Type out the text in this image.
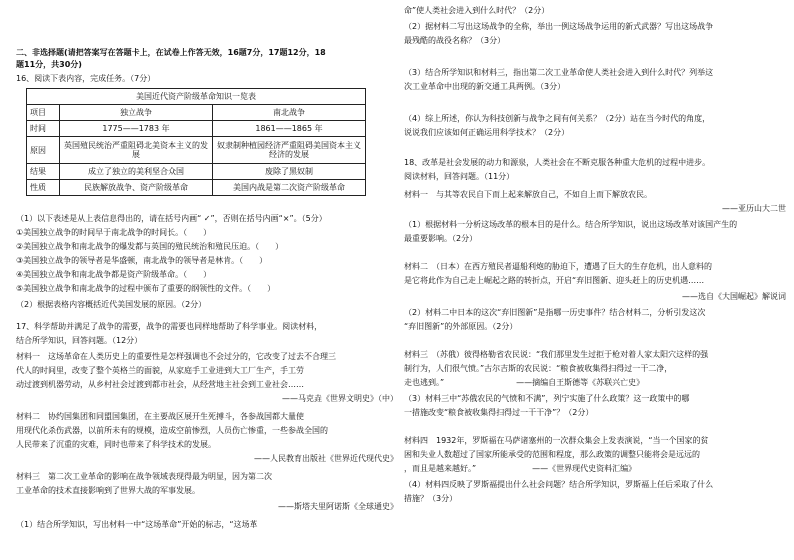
二、非选择题(请把答案写在答题卡上，在试卷上作答无效，16题7分，17题12分，18
题11分，共30分)
16、阅读下表内容，完成任务。（7分）
美国近代资产阶级革命知识一览表		
项目	独立战争	南北战争
时间	1775——1783 年	1861——1865 年
原因	英国殖民统治严重阻碍北美资本主义的发展	奴隶制种植园经济严重阻碍美国资本主义经济的发展
结果	成立了独立的美利坚合众国	废除了黑奴制
性质	民族解放战争、资产阶级革命	美国内战是第二次资产阶级革命
（1）以下表述是从上表信息得出的，请在括号内画“ ✓”，否则在括号内画“×”。（5分）
①美国独立战争的时间早于南北战争的时间长。（　　）
②美国独立战争和南北战争的爆发都与英国的殖民统治和殖民压迫。（　　）
③美国独立战争的领导者是华盛顿，南北战争的领导者是林肯。（　　）
④美国独立战争和南北战争都是资产阶级革命。（　　）
⑤美国独立战争和南北战争的过程中颁布了重要的纲领性的文件。（　　）
（2）根据表格内容概括近代美国发展的原因。（2分）
17、科学帮助并满足了战争的需要，战争的需要也同样地帮助了科学事业。阅读材料，
结合所学知识，回答问题。（12分）
材料一　这场革命在人类历史上的重要性是怎样强调也不会过分的，它改变了过去不合理三
代人的时间里，改变了整个英格兰的面貌，从家庭手工业进到大工厂生产，手工劳
动过渡到机器劳动，从乡村社会过渡到都市社会，从经营地主社会到工业社会……
——马克垚《世界文明史》（中）
材料二　协约国集团和同盟国集团，在主要战区展开生死搏斗，各参战国都大量使
用现代化杀伤武器，以前所未有的规模，造成空前惨烈，人员伤亡惨重，一些参战全国的
人民带来了沉重的灾难，同时也带来了科学技术的发展。
——人民教育出版社《世界近代现代史》
材料三　第二次工业革命的影响在战争领域表现得最为明显，因为第二次
工业革命的技术直接影响到了世界大战的军事发展。
——斯塔夫里阿诺斯《全球通史》
（1）结合所学知识，写出材料一中“这场革命”开始的标志，“这场革
命”使人类社会进入到什么时代？（2分）
（2）据材料二写出这场战争的全称，举出一例这场战争运用的新式武器？写出这场战争
最残酷的战役名称？（3分）
（3）结合所学知识和材料三，指出第二次工业革命使人类社会进入到什么时代？列举这
次工业革命中出现的新交通工具两例。（3分）
（4）综上所述，你认为科技创新与战争之间有何关系？（2分）站在当今时代的角度，
说说我们应该如何正确运用科学技术？（2分）
18、改革是社会发展的动力和源泉，人类社会在不断克服各种重大危机的过程中进步。
阅读材料，回答问题。（11分）
材料一　与其等农民自下而上起来解放自己，不如自上而下解放农民。
——亚历山大二世
（1）根据材料一分析这场改革的根本目的是什么。结合所学知识，说出这场改革对该国产生的
最重要影响。（2分）
材料二　（日本）在西方殖民者逼船利炮的胁迫下，遭遇了巨大的生存危机，出人意料的
是它将此作为自己走上崛起之路的转折点，开启“弃旧图新、迎头赶上的历史机遇……
——选自《大国崛起》解说词
（2）材料二中日本的这次“弃旧图新”是指哪一历史事件？结合材料二，分析引发这次
“弃旧图新”的外部原因。（2分）
材料三　（苏俄）彼得格勒省农民说：“我们那里发生过拒于枪对着人家太阳穴这样的强
制行为，人们很气愤。”古尔吉斯的农民说：“粮食被收集得扫得过一干二净，
走也逃到。”　　　　　　　　　——摘编自王斯德等《苏联兴亡史》
（3）材料三中“苏俄农民的气愤和不满”，列宁实施了什么政策？这一政策中的哪
一措施改变“粮食被收集得扫得过一干干净”？（2分）
材料四　1932年，罗斯福在马萨诸塞州的一次群众集会上发表演说，“当一个国家的贫
困和失业人数超过了国家所能承受的范围和程度，那么政策的调整只能将会是远远的
，而且是越来越好。”　　　　　　　——《世界现代史资料汇编》
（4）材料四反映了罗斯福提出什么社会问题？结合所学知识，罗斯福上任后采取了什么
措施？（3分）
